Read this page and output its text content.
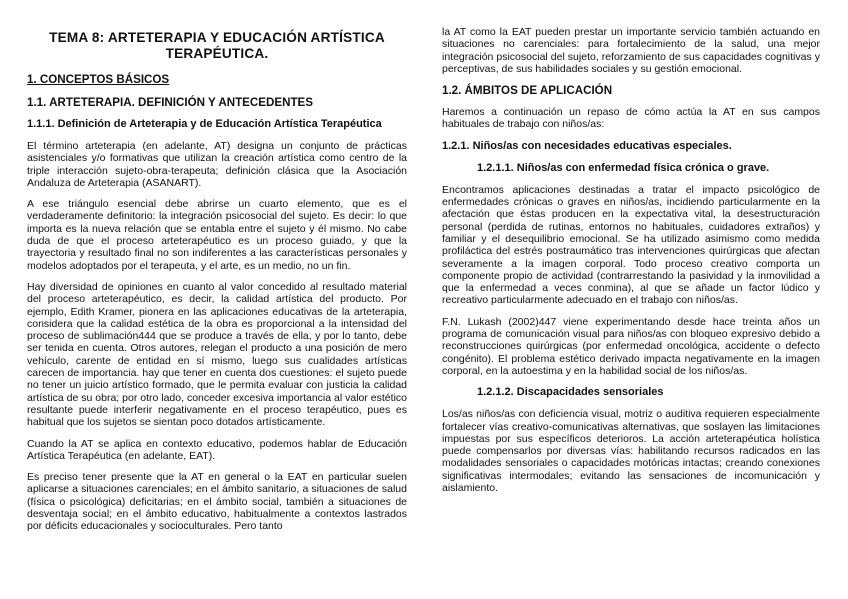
TEMA 8: ARTETERAPIA Y EDUCACIÓN ARTÍSTICA TERAPÉUTICA.
1. CONCEPTOS BÁSICOS
1.1. ARTETERAPIA. DEFINICIÓN Y ANTECEDENTES
1.1.1. Definición de Arteterapia y de Educación Artística Terapéutica

El término arteterapia (en adelante, AT) designa un conjunto de prácticas asistenciales y/o formativas que utilizan la creación artística como centro de la triple interacción sujeto-obra-terapeuta; definición clásica que la Asociación Andaluza de Arteterapia (ASANART).

A ese triángulo esencial debe abrirse un cuarto elemento, que es el verdaderamente definitorio: la integración psicosocial del sujeto. Es decir: lo que importa es la nueva relación que se entabla entre el sujeto y él mismo. No cabe duda de que el proceso arteterapéutico es un proceso guiado, y que la trayectoria y resultado final no son indiferentes a las características personales y modelos adoptados por el terapeuta, y el arte, es un medio, no un fin.

Hay diversidad de opiniones en cuanto al valor concedido al resultado material del proceso arteterapéutico, es decir, la calidad artística del producto. Por ejemplo, Edith Kramer, pionera en las aplicaciones educativas de la arteterapia, considera que la calidad estética de la obra es proporcional a la intensidad del proceso de sublimación444 que se produce a través de ella, y por lo tanto, debe ser tenida en cuenta. Otros autores, relegan el producto a una posición de mero vehículo, carente de entidad en sí mismo, luego sus cualidades artísticas carecen de importancia. hay que tener en cuenta dos cuestiones: el sujeto puede no tener un juicio artístico formado, que le permita evaluar con justicia la calidad artística de su obra; por otro lado, conceder excesiva importancia al valor estético resultante puede interferir negativamente en el proceso terapéutico, pues es habitual que los sujetos se sientan poco dotados artísticamente.

Cuando la AT se aplica en contexto educativo, podemos hablar de Educación Artística Terapéutica (en adelante, EAT).

Es preciso tener presente que la AT en general o la EAT en particular suelen aplicarse a situaciones carenciales; en el ámbito sanitario, a situaciones de salud (física o psicológica) deficitarias; en el ámbito social, también a situaciones de desventaja social; en el ámbito educativo, habitualmente a contextos lastrados por déficits educacionales y socioculturales. Pero tanto

la AT como la EAT pueden prestar un importante servicio también actuando en situaciones no carenciales: para fortalecimiento de la salud, una mejor integración psicosocial del sujeto, reforzamiento de sus capacidades cognitivas y perceptivas, de sus habilidades sociales y su gestión emocional.

1.2. ÁMBITOS DE APLICACIÓN

Haremos a continuación un repaso de cómo actúa la AT en sus campos habituales de trabajo con niños/as:

1.2.1. Niños/as con necesidades educativas especiales.
1.2.1.1. Niños/as con enfermedad física crónica o grave.

Encontramos aplicaciones destinadas a tratar el impacto psicológico de enfermedades crónicas o graves en niños/as, incidiendo particularmente en la afectación que éstas producen en la expectativa vital, la desestructuración personal (perdida de rutinas, entornos no habituales, cuidadores extraños) y familiar y el desequilibrio emocional. Se ha utilizado asimismo como medida profiláctica del estrés postraumático tras intervenciones quirúrgicas que afectan severamente a la imagen corporal. Todo proceso creativo comporta un componente propio de actividad (contrarrestando la pasividad y la inmovilidad a que la enfermedad a veces conmina), al que se añade un factor lúdico y recreativo particularmente adecuado en el trabajo con niños/as.

F.N. Lukash (2002)447 viene experimentando desde hace treinta años un programa de comunicación visual para niños/as con bloqueo expresivo debido a reconstrucciones quirúrgicas (por enfermedad oncológica, accidente o defecto congénito). El problema estético derivado impacta negativamente en la imagen corporal, en la autoestima y en la habilidad social de los niños/as.

1.2.1.2. Discapacidades sensoriales

Los/as niños/as con deficiencia visual, motriz o auditiva requieren especialmente fortalecer vías creativo-comunicativas alternativas, que soslayen las limitaciones impuestas por sus específicos deterioros. La acción arteterapéutica holística puede compensarlos por diversas vías: habilitando recursos radicados en las modalidades sensoriales o capacidades motóricas intactas; creando conexiones significativas intermodales; evitando las sensaciones de incomunicación y aislamiento.
